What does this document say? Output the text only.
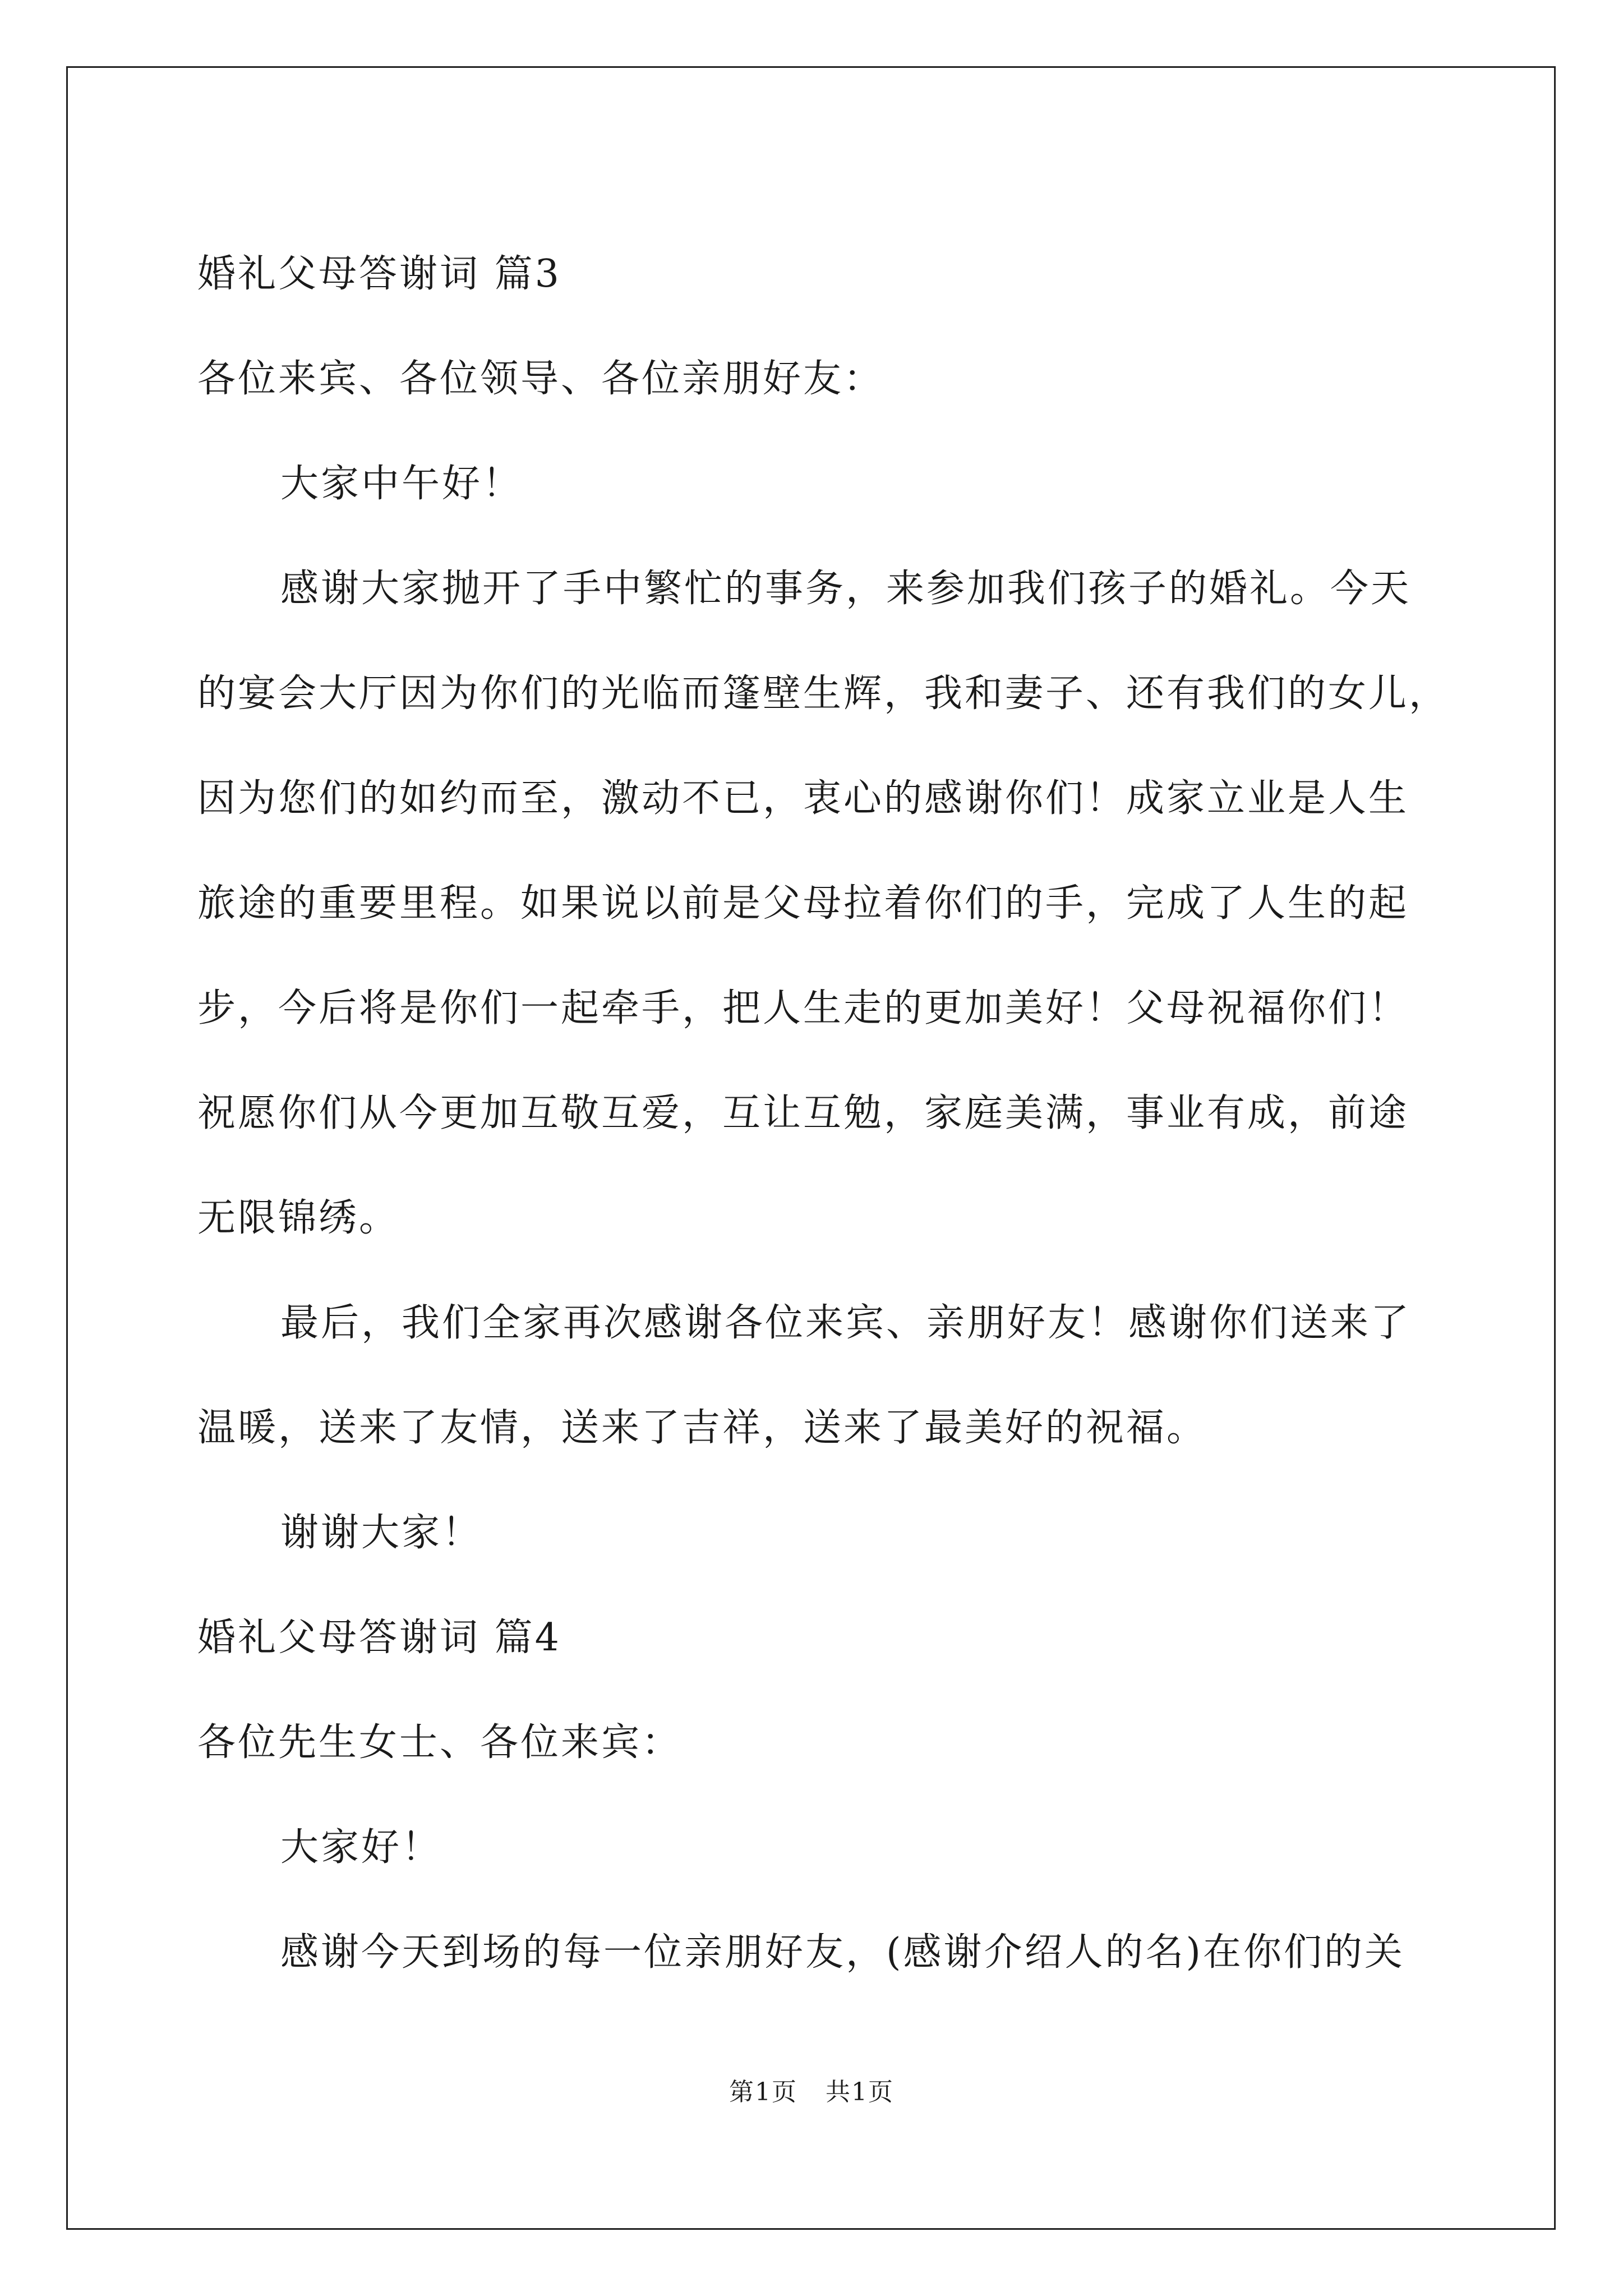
婚礼父母答谢词 篇3

各位来宾、各位领导、各位亲朋好友：

大家中午好！

感谢大家抛开了手中繁忙的事务，来参加我们孩子的婚礼。今天

的宴会大厅因为你们的光临而篷壁生辉，我和妻子、还有我们的女儿，

因为您们的如约而至，激动不已，衷心的感谢你们！成家立业是人生

旅途的重要里程。如果说以前是父母拉着你们的手，完成了人生的起

步，今后将是你们一起牵手，把人生走的更加美好！父母祝福你们！

祝愿你们从今更加互敬互爱，互让互勉，家庭美满，事业有成，前途

无限锦绣。

最后，我们全家再次感谢各位来宾、亲朋好友！感谢你们送来了

温暖，送来了友情，送来了吉祥，送来了最美好的祝福。

谢谢大家！

婚礼父母答谢词 篇4

各位先生女士、各位来宾：

大家好！

感谢今天到场的每一位亲朋好友，(感谢介绍人的名)在你们的关

第1页 共1页
